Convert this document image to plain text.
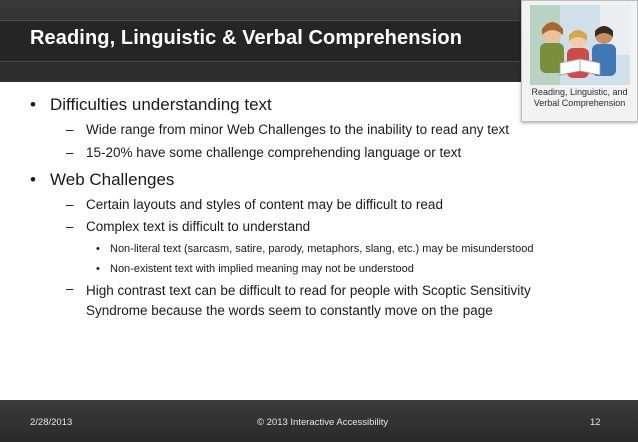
Reading, Linguistic & Verbal Comprehension
Reading, Linguistic, and
Verbal Comprehension
• Difficulties understanding text
– Wide range from minor Web Challenges to the inability to read any text
– 15-20% have some challenge comprehending language or text
• Web Challenges
– Certain layouts and styles of content may be difficult to read
– Complex text is difficult to understand
• Non-literal text (sarcasm, satire, parody, metaphors, slang, etc.) may be misunderstood
• Non-existent text with implied meaning may not be understood
– High contrast text can be difficult to read for people with Scoptic Sensitivity Syndrome because the words seem to constantly move on the page
2/28/2013	© 2013 Interactive Accessibility	12
